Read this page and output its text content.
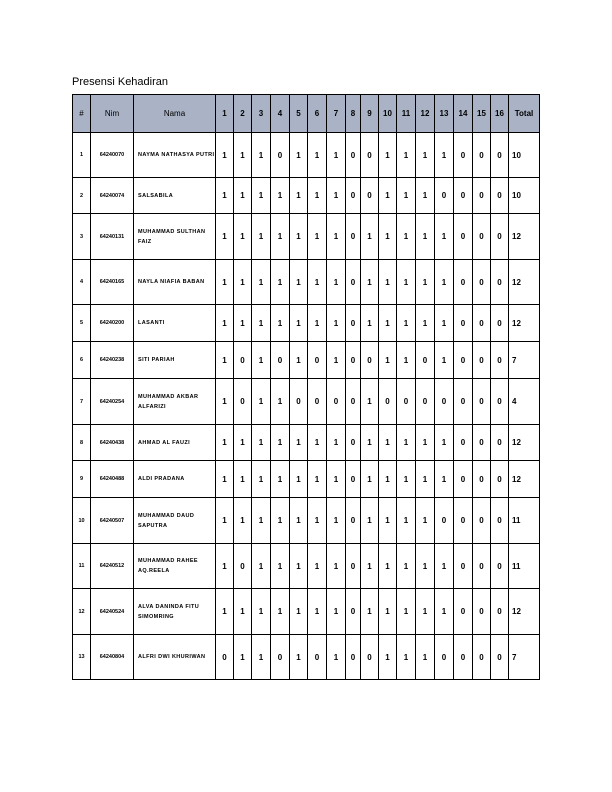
Presensi Kehadiran
#	Nim	Nama	1	2	3	4	5	6	7	8	9	10	11	12	13	14	15	16	Total
1	64240070	NAYMA NATHASYA PUTRI	1	1	1	0	1	1	1	0	0	1	1	1	1	0	0	0	10
2	64240074	SALSABILA	1	1	1	1	1	1	1	0	0	1	1	1	0	0	0	0	10
3	64240131	MUHAMMAD SULTHAN FAIZ	1	1	1	1	1	1	1	0	1	1	1	1	1	0	0	0	12
4	64240165	NAYLA NIAFIA BABAN	1	1	1	1	1	1	1	0	1	1	1	1	1	0	0	0	12
5	64240200	LASANTI	1	1	1	1	1	1	1	0	1	1	1	1	1	0	0	0	12
6	64240238	SITI PARIAH	1	0	1	0	1	0	1	0	0	1	1	0	1	0	0	0	7
7	64240254	MUHAMMAD AKBAR ALFARIZI	1	0	1	1	0	0	0	0	1	0	0	0	0	0	0	0	4
8	64240438	AHMAD AL FAUZI	1	1	1	1	1	1	1	0	1	1	1	1	1	0	0	0	12
9	64240488	ALDI PRADANA	1	1	1	1	1	1	1	0	1	1	1	1	1	0	0	0	12
10	64240507	MUHAMMAD DAUD SAPUTRA	1	1	1	1	1	1	1	0	1	1	1	1	0	0	0	0	11
11	64240512	MUHAMMAD RAHEE AQ.REELA	1	0	1	1	1	1	1	0	1	1	1	1	1	0	0	0	11
12	64240524	ALVA DANINDA FITU SIMOMRING	1	1	1	1	1	1	1	0	1	1	1	1	1	0	0	0	12
13	64240804	ALFRI DWI KHURIWAN	0	1	1	0	1	0	1	0	0	1	1	1	0	0	0	0	7
